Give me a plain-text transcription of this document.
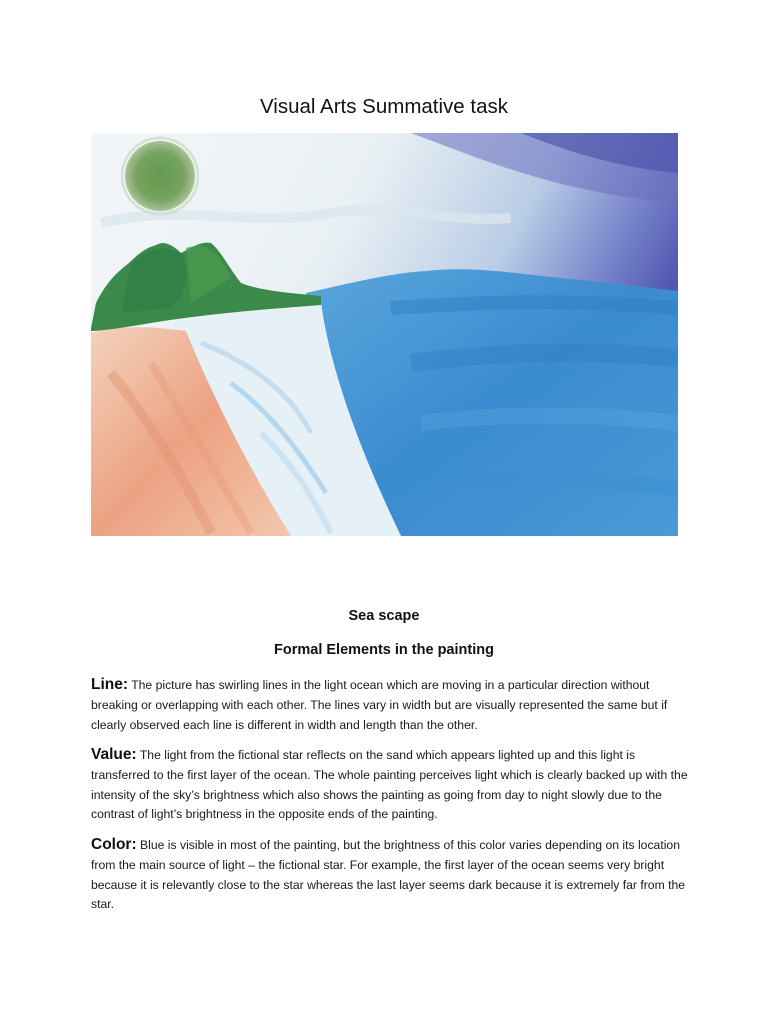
Visual Arts Summative task
Sea scape
Formal Elements in the painting

Line: The picture has swirling lines in the light ocean which are moving in a particular direction without breaking or overlapping with each other. The lines vary in width but are visually represented the same but if clearly observed each line is different in width and length than the other.

Value: The light from the fictional star reflects on the sand which appears lighted up and this light is transferred to the first layer of the ocean. The whole painting perceives light which is clearly backed up with the intensity of the sky’s brightness which also shows the painting as going from day to night slowly due to the contrast of light’s brightness in the opposite ends of the painting.

Color: Blue is visible in most of the painting, but the brightness of this color varies depending on its location from the main source of light – the fictional star. For example, the first layer of the ocean seems very bright because it is relevantly close to the star whereas the last layer seems dark because it is extremely far from the star.
